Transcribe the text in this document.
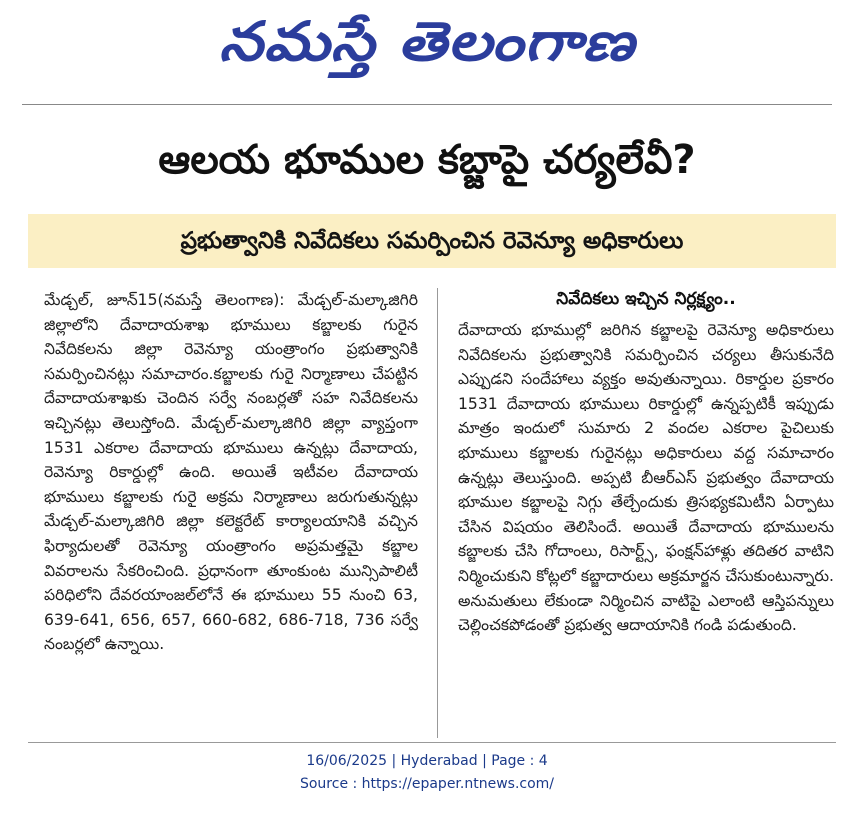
నమస్తే తెలంగాణ
ఆలయ భూముల కబ్జాపై చర్యలేవీ?
ప్రభుత్వానికి నివేదికలు సమర్పించిన రెవెన్యూ అధికారులు

మేడ్చల్, జూన్15(నమస్తే తెలంగాణ): మేడ్చల్-మల్కాజిగిరి జిల్లాలోని దేవాదాయశాఖ భూములు కబ్జాలకు గురైన నివేదికలను జిల్లా రెవెన్యూ యంత్రాంగం ప్రభుత్వానికి సమర్పించినట్లు సమాచారం.కబ్జాలకు గురై నిర్మాణాలు చేపట్టిన దేవాదాయశాఖకు చెందిన సర్వే నంబర్లతో సహ నివేదికలను ఇచ్చినట్లు తెలుస్తోంది. మేడ్చల్-మల్కాజిగిరి జిల్లా వ్యాప్తంగా 1531 ఎకరాల దేవాదాయ భూములు ఉన్నట్లు దేవాదాయ, రెవెన్యూ రికార్డుల్లో ఉంది. అయితే ఇటీవల దేవాదాయ భూములు కబ్జాలకు గురై అక్రమ నిర్మాణాలు జరుగుతున్నట్లు మేడ్చల్-మల్కాజిగిరి జిల్లా కలెక్టరేట్ కార్యాలయానికి వచ్చిన ఫిర్యాదులతో రెవెన్యూ యంత్రాంగం అప్రమత్తమై కబ్జాల వివరాలను సేకరించింది. ప్రధానంగా తూంకుంట మున్సిపాలిటీ పరిధిలోని దేవరయాంజల్‌లోనే ఈ భూములు 55 నుంచి 63, 639-641, 656, 657, 660-682, 686-718, 736 సర్వే నంబర్లలో ఉన్నాయి.

నివేదికలు ఇచ్చిన నిర్లక్ష్యం..

దేవాదాయ భూముల్లో జరిగిన కబ్జాలపై రెవెన్యూ అధికారులు నివేదికలను ప్రభుత్వానికి సమర్పించిన చర్యలు తీసుకునేది ఎప్పుడని సందేహాలు వ్యక్తం అవుతున్నాయి. రికార్డుల ప్రకారం 1531 దేవాదాయ భూములు రికార్డుల్లో ఉన్నప్పటికీ ఇప్పుడు మాత్రం ఇందులో సుమారు 2 వందల ఎకరాల పైచిలుకు భూములు కబ్జాలకు గురైనట్లు అధికారులు వద్ద సమాచారం ఉన్నట్లు తెలుస్తుంది. అప్పటి బీఆర్ఎస్ ప్రభుత్వం దేవాదాయ భూముల కబ్జాలపై నిగ్గు తేల్చేందుకు త్రిసభ్యకమిటీని ఏర్పాటు చేసిన విషయం తెలిసిందే. అయితే దేవాదాయ భూములను కబ్జాలకు చేసి గోదాంలు, రిసార్ట్స్, ఫంక్షన్‌హాళ్లు తదితర వాటిని నిర్మించుకుని కోట్లలో కబ్జాదారులు అక్రమార్జన చేసుకుంటున్నారు. అనుమతులు లేకుండా నిర్మించిన వాటిపై ఎలాంటి ఆస్తిపన్నులు చెల్లించకపోడంతో ప్రభుత్వ ఆదాయానికి గండి పడుతుంది.

16/06/2025 | Hyderabad | Page : 4
Source : https://epaper.ntnews.com/
